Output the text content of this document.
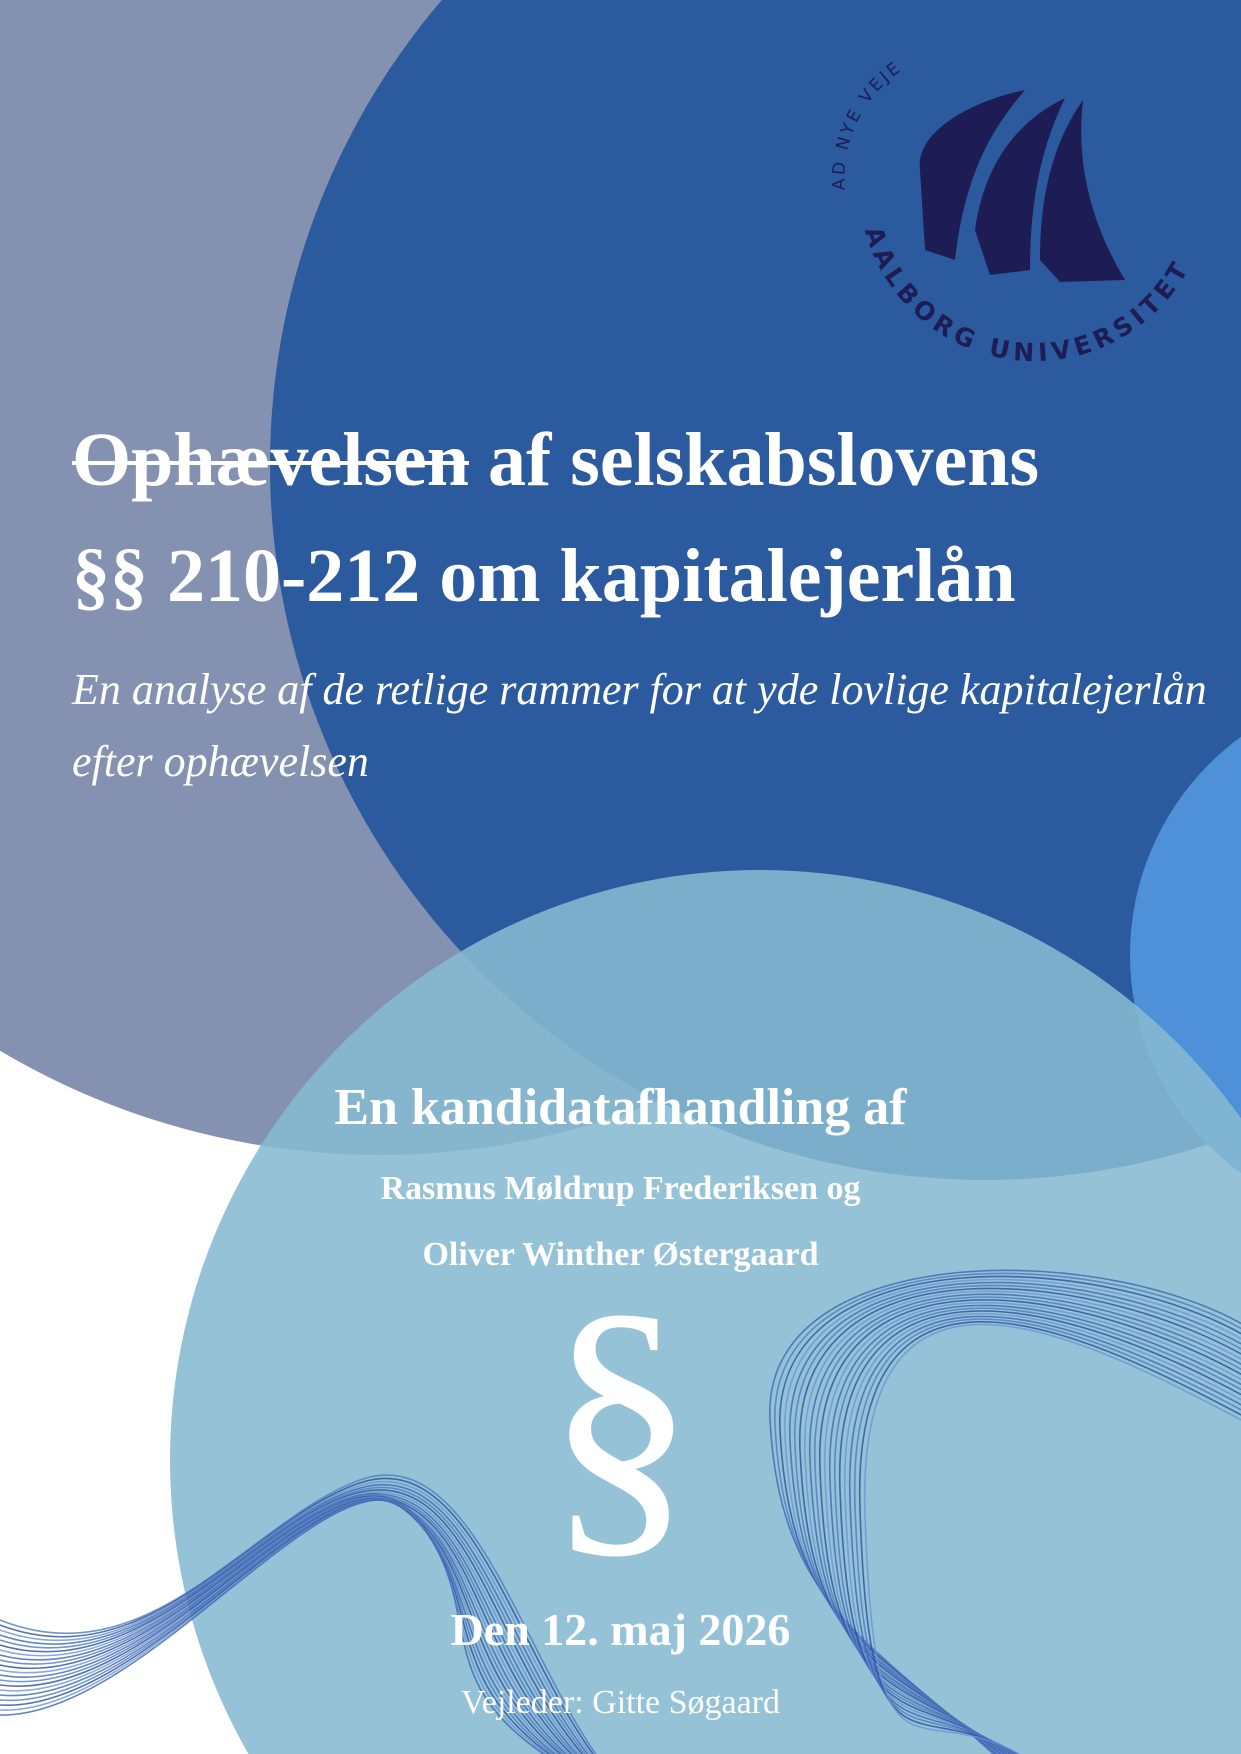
AD NYE VEJE
AALBORG UNIVERSITET
Ophævelsen af selskabslovens
§§ 210-212 om kapitalejerlån

En analyse af de retlige rammer for at yde lovlige kapitalejerlån

efter ophævelsen

En kandidatafhandling af

Rasmus Møldrup Frederiksen og

Oliver Winther Østergaard

§

Den 12. maj 2026

Vejleder: Gitte Søgaard
